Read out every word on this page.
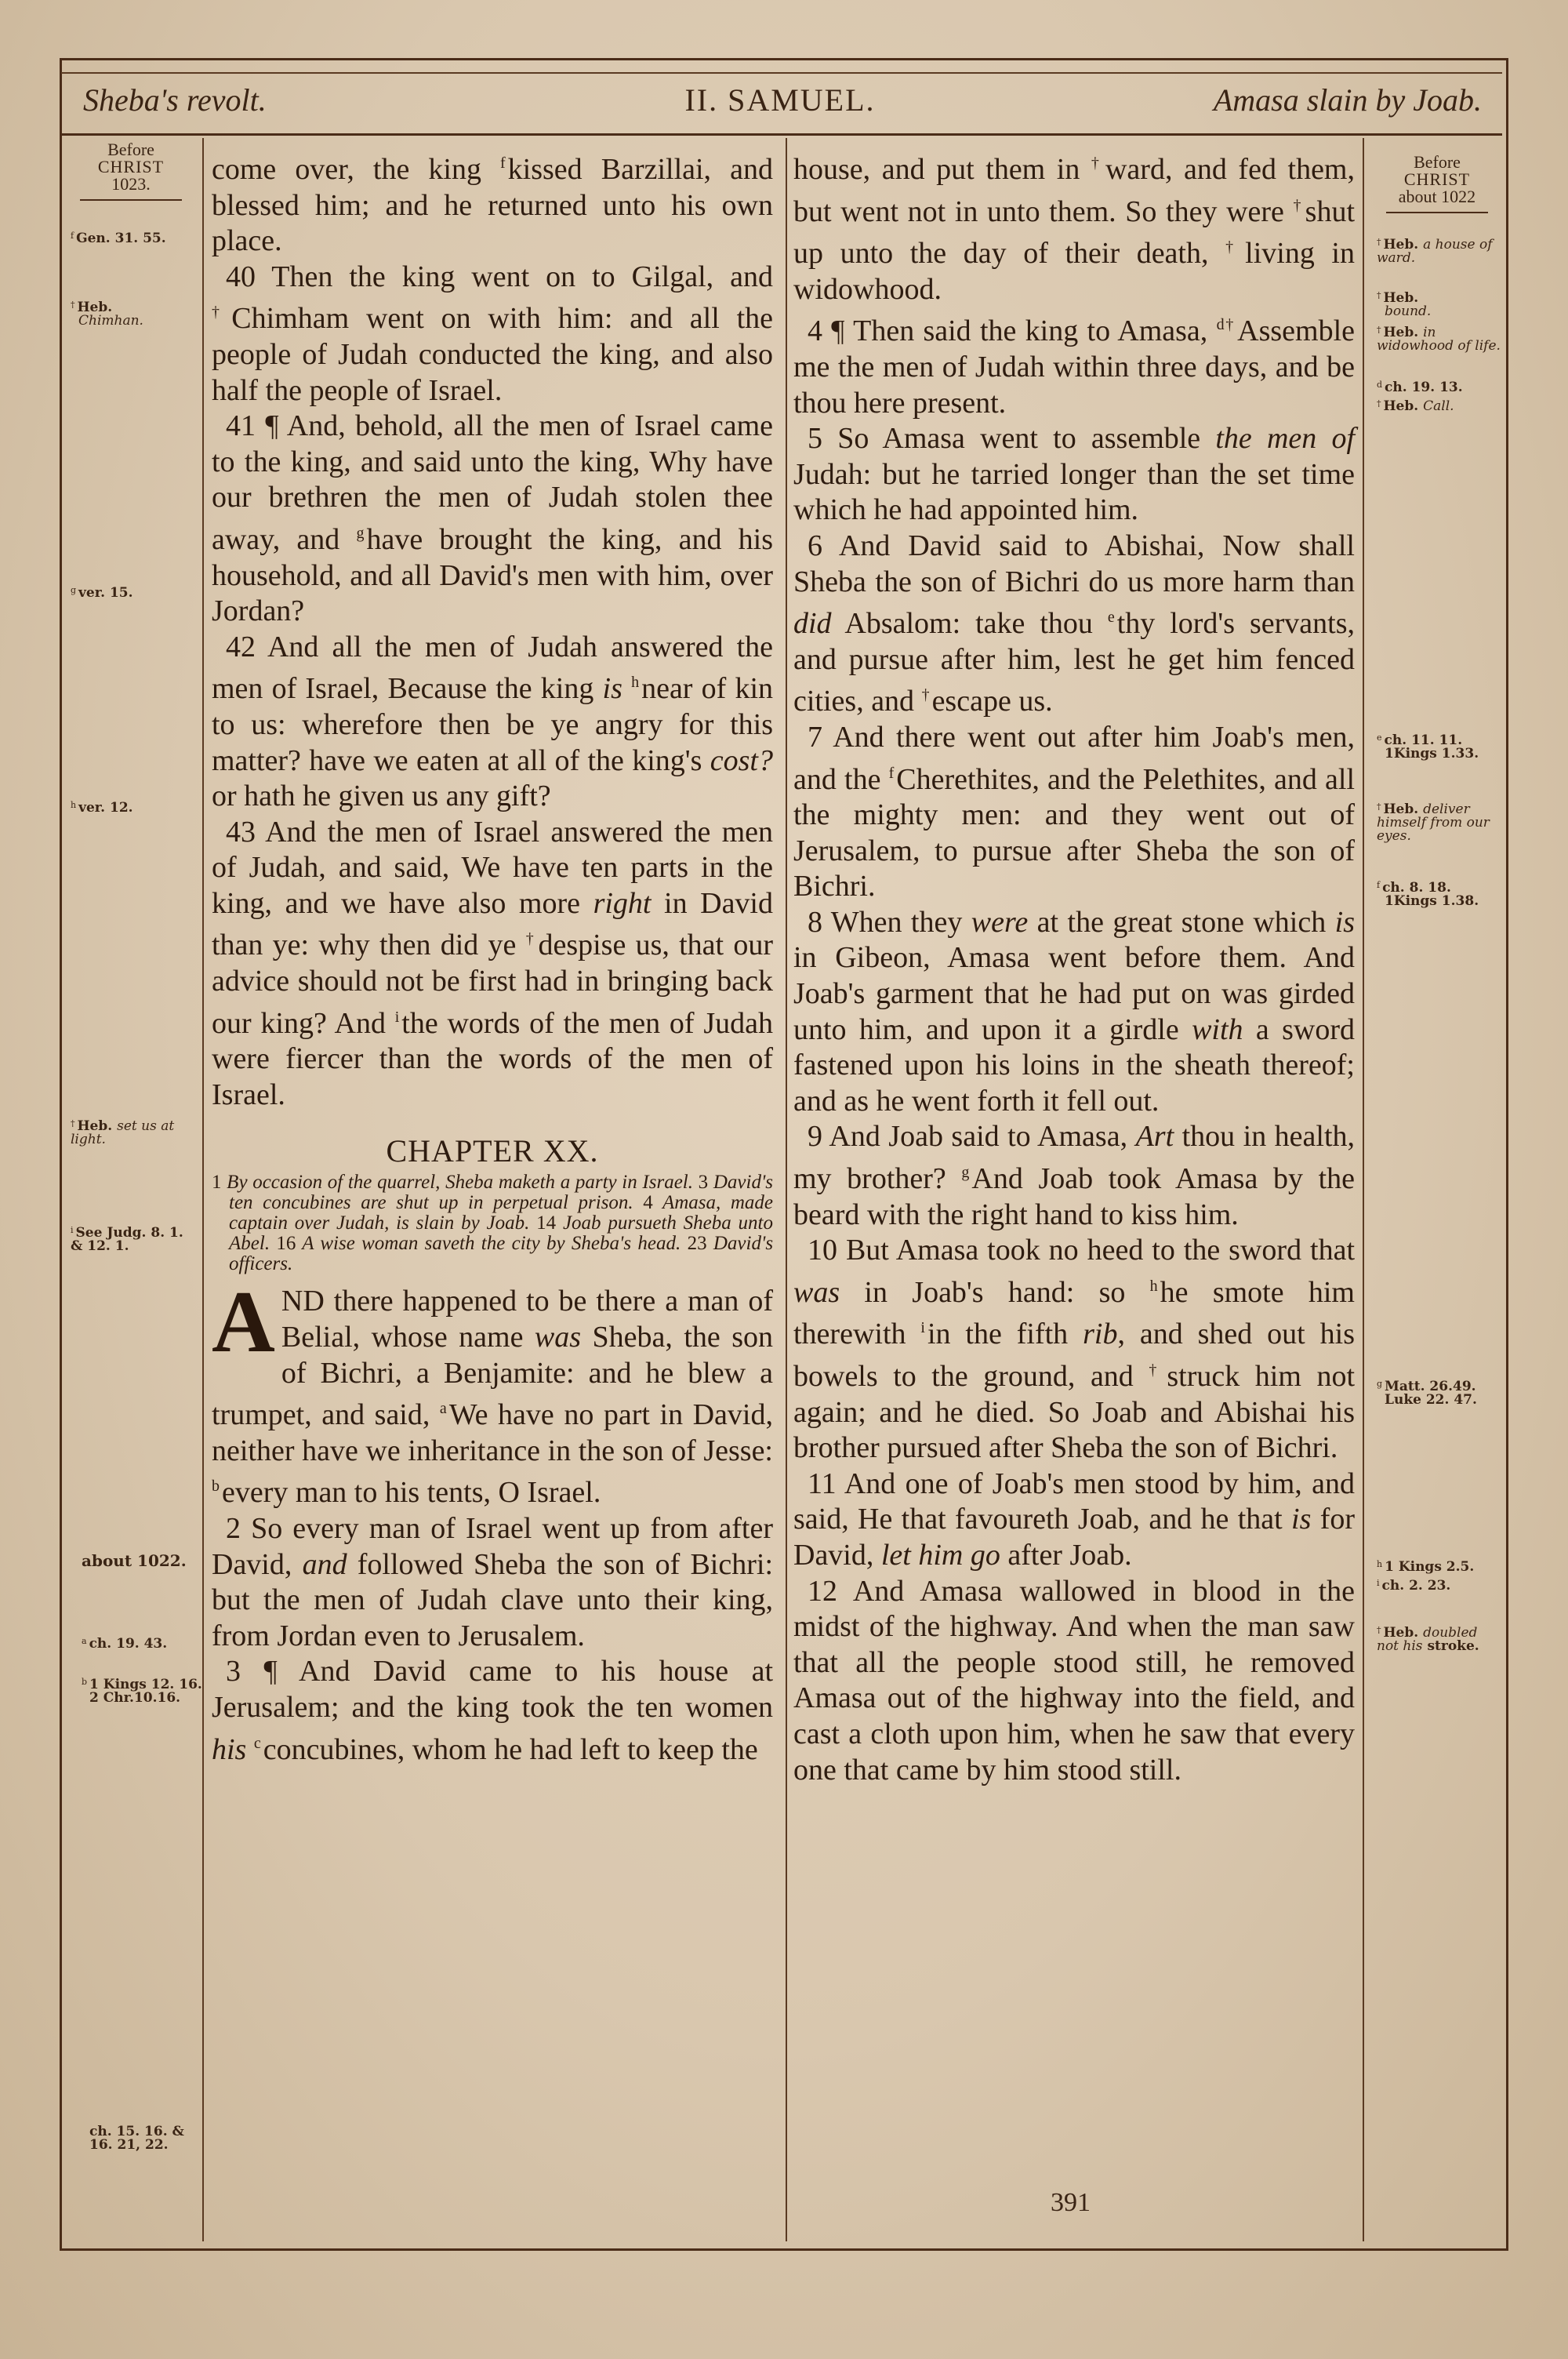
Sheba's revolt.	II. SAMUEL.	Amasa slain by Joab.
Before
CHRIST
1023.
$^f$ Gen. 31. 55.
† Heb.
Chimhan.
$^g$ ver. 15.
$^h$ ver. 12.
† Heb. set us at light.
$^i$ See Judg. 8. 1. & 12. 1.
about 1022.
$^a$ ch. 19. 43.
$^b$ 1 Kings 12. 16.
2 Chr.10.16.
ch. 15. 16. &
16. 21, 22.
Before
CHRIST
about 1022
† Heb. a house of ward.
† Heb.
bound.
† Heb. in widowhood of life.
$^d$ ch. 19. 13.
† Heb. Call.
$^e$ ch. 11. 11.
1Kings 1.33.
† Heb. deliver himself from our eyes.
$^f$ ch. 8. 18.
1Kings 1.38.
$^g$ Matt. 26.49.
Luke 22. 47.
$^h$ 1 Kings 2.5.
$^i$ ch. 2. 23.
† Heb. doubled not his stroke.

come over, the king $^f$kissed Barzillai, and blessed him; and he returned unto his own place.

40 Then the king went on to Gilgal, and †Chimham went on with him: and all the people of Judah conducted the king, and also half the people of Israel.

41 ¶ And, behold, all the men of Israel came to the king, and said unto the king, Why have our brethren the men of Judah stolen thee away, and $^g$have brought the king, and his household, and all David's men with him, over Jordan?

42 And all the men of Judah answered the men of Israel, Because the king is $^h$near of kin to us: wherefore then be ye angry for this matter? have we eaten at all of the king's cost? or hath he given us any gift?

43 And the men of Israel answered the men of Judah, and said, We have ten parts in the king, and we have also more right in David than ye: why then did ye †despise us, that our advice should not be first had in bringing back our king? And $^i$the words of the men of Judah were fiercer than the words of the men of Israel.

CHAPTER XX.

1 By occasion of the quarrel, Sheba maketh a party in Israel. 3 David's ten concubines are shut up in perpetual prison. 4 Amasa, made captain over Judah, is slain by Joab. 14 Joab pursueth Sheba unto Abel. 16 A wise woman saveth the city by Sheba's head. 23 David's officers.

AND there happened to be there a man of Belial, whose name was Sheba, the son of Bichri, a Benjamite: and he blew a trumpet, and said, $^a$We have no part in David, neither have we inheritance in the son of Jesse: $^b$every man to his tents, O Israel.

2 So every man of Israel went up from after David, and followed Sheba the son of Bichri: but the men of Judah clave unto their king, from Jordan even to Jerusalem.

3 ¶ And David came to his house at Jerusalem; and the king took the ten women his $^c$concubines, whom he had left to keep the

house, and put them in †ward, and fed them, but went not in unto them. So they were †shut up unto the day of their death, †living in widowhood.

4 ¶ Then said the king to Amasa, $^{d\dagger}$Assemble me the men of Judah within three days, and be thou here present.

5 So Amasa went to assemble the men of Judah: but he tarried longer than the set time which he had appointed him.

6 And David said to Abishai, Now shall Sheba the son of Bichri do us more harm than did Absalom: take thou $^e$thy lord's servants, and pursue after him, lest he get him fenced cities, and †escape us.

7 And there went out after him Joab's men, and the $^f$Cherethites, and the Pelethites, and all the mighty men: and they went out of Jerusalem, to pursue after Sheba the son of Bichri.

8 When they were at the great stone which is in Gibeon, Amasa went before them. And Joab's garment that he had put on was girded unto him, and upon it a girdle with a sword fastened upon his loins in the sheath thereof; and as he went forth it fell out.

9 And Joab said to Amasa, Art thou in health, my brother? $^g$And Joab took Amasa by the beard with the right hand to kiss him.

10 But Amasa took no heed to the sword that was in Joab's hand: so $^h$he smote him therewith $^i$in the fifth rib, and shed out his bowels to the ground, and †struck him not again; and he died. So Joab and Abishai his brother pursued after Sheba the son of Bichri.

11 And one of Joab's men stood by him, and said, He that favoureth Joab, and he that is for David, let him go after Joab.

12 And Amasa wallowed in blood in the midst of the highway. And when the man saw that all the people stood still, he removed Amasa out of the highway into the field, and cast a cloth upon him, when he saw that every one that came by him stood still.

391
